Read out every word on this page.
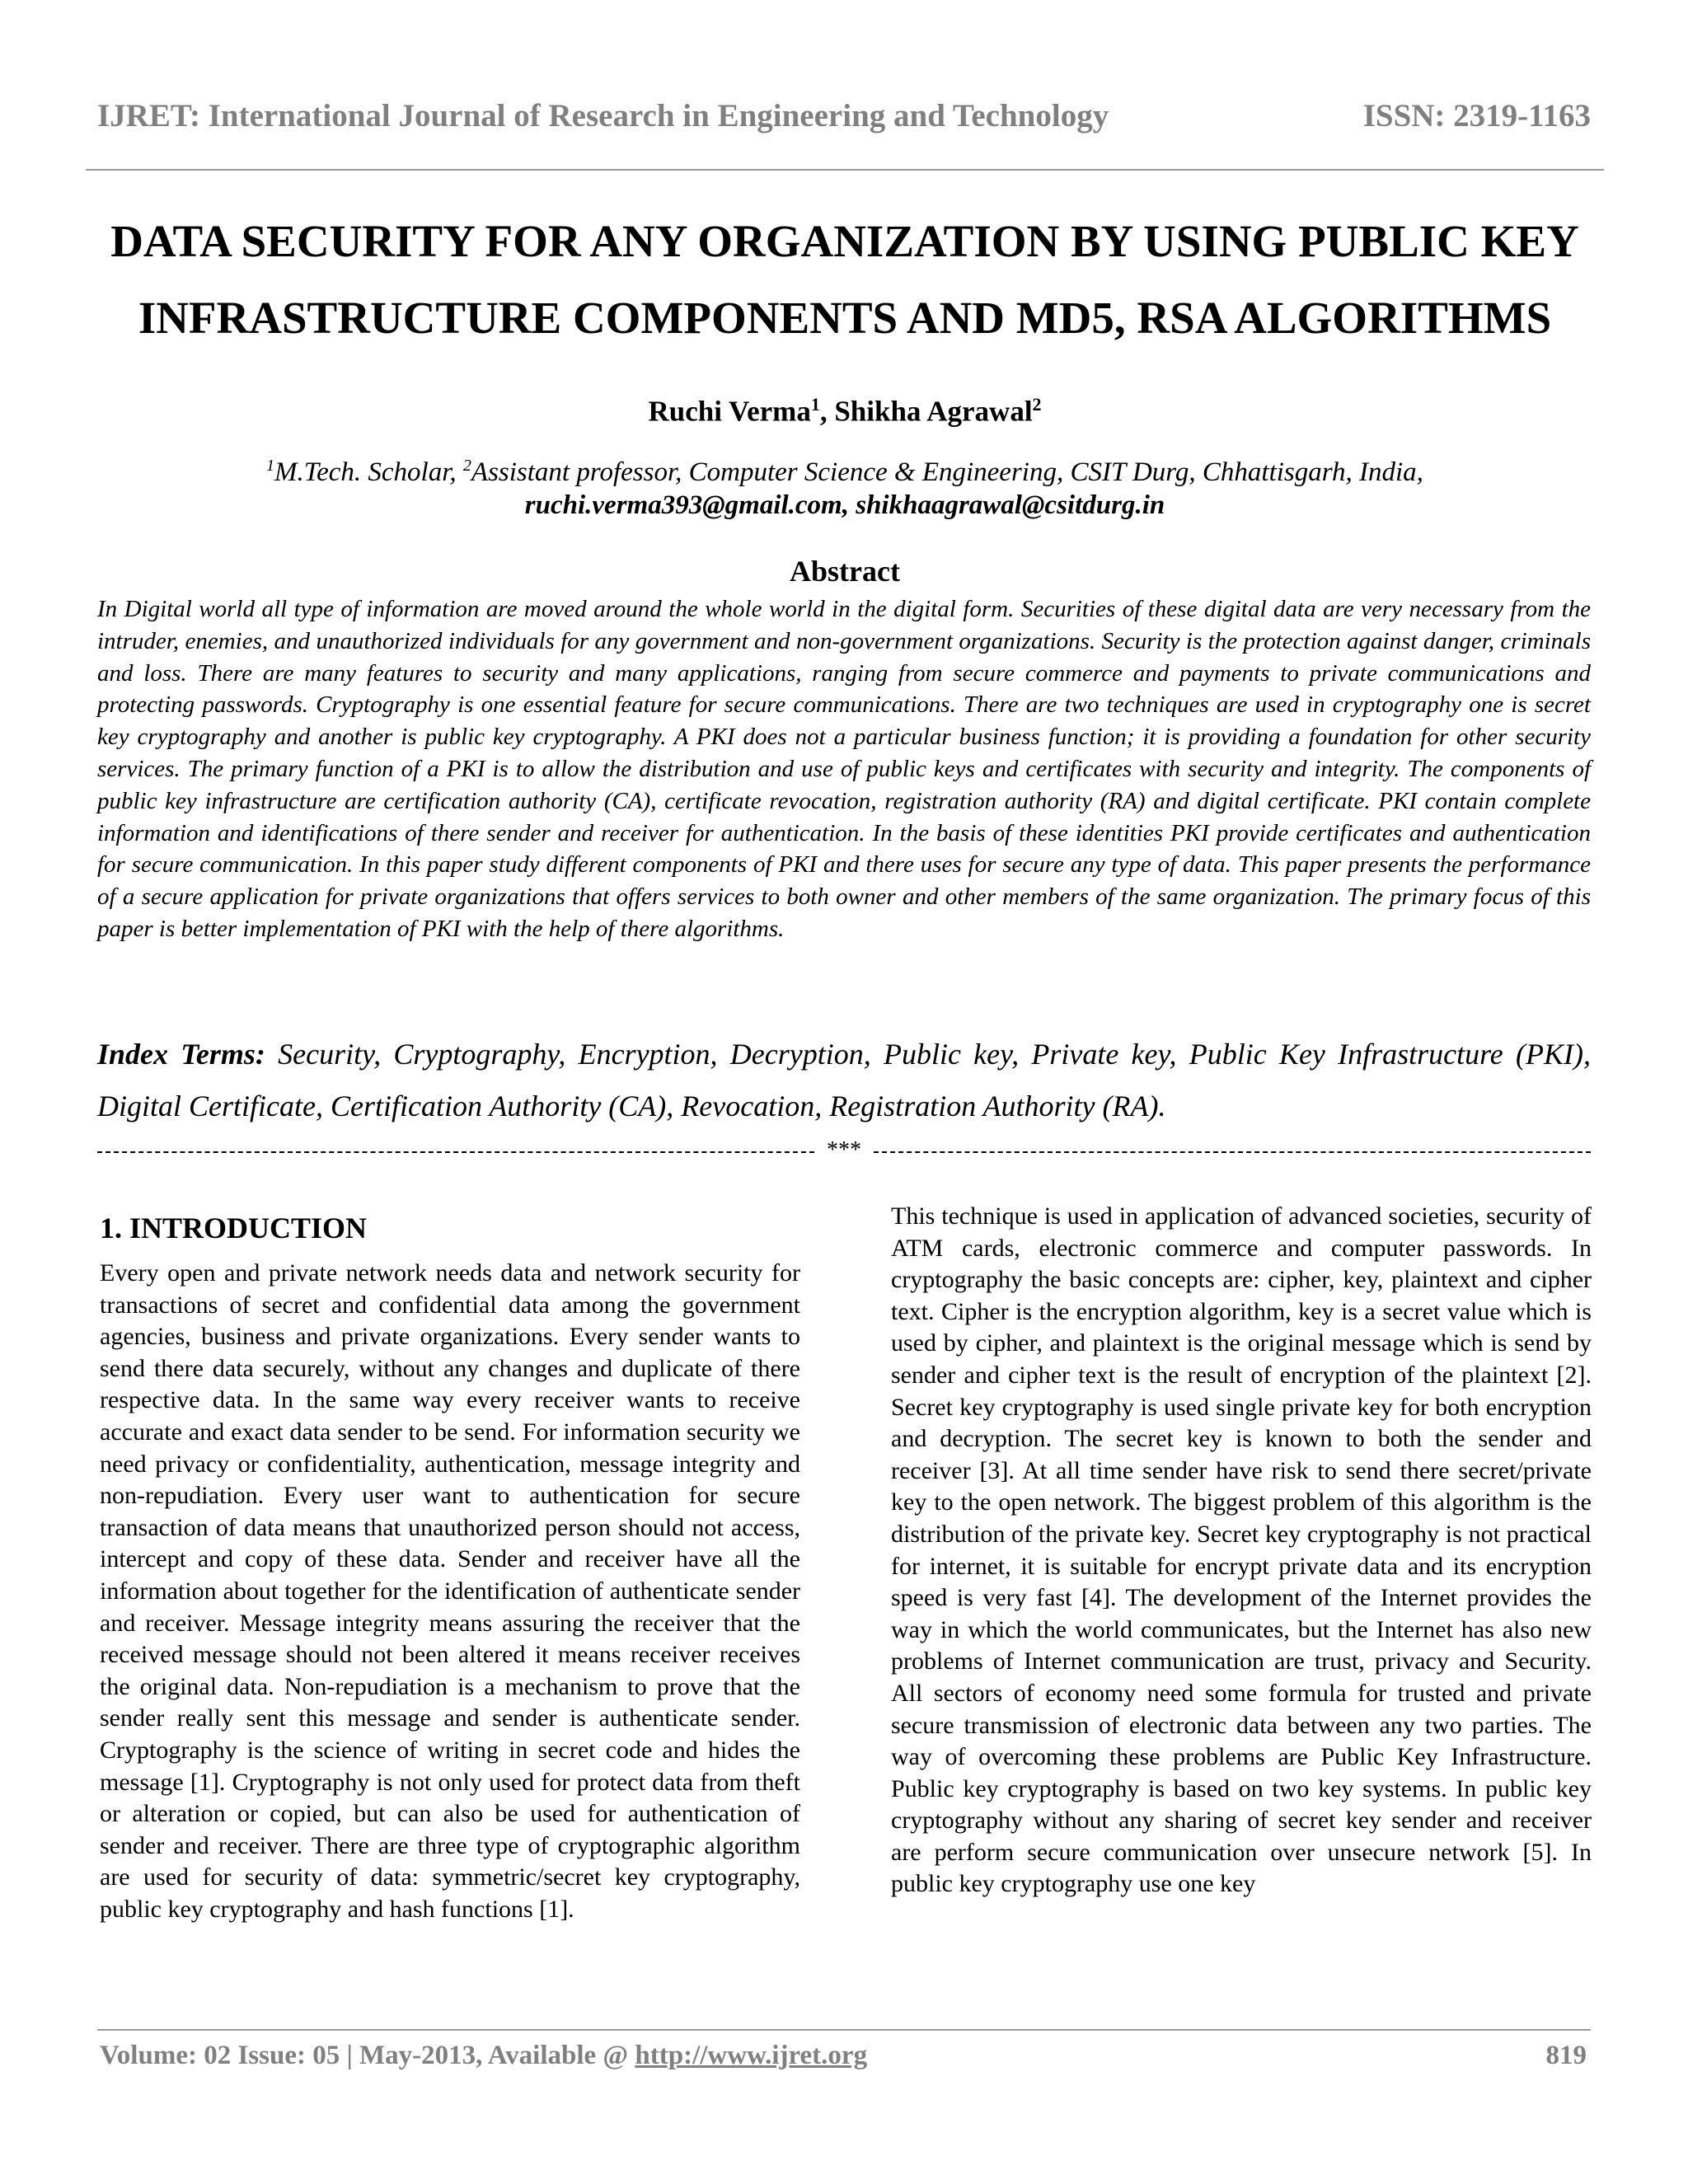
IJRET: International Journal of Research in Engineering and Technology	ISSN: 2319-1163
DATA SECURITY FOR ANY ORGANIZATION BY USING PUBLIC KEY
INFRASTRUCTURE COMPONENTS AND MD5, RSA ALGORITHMS
Ruchi Verma$^1$, Shikha Agrawal$^2$
$^1$M.Tech. Scholar, $^2$Assistant professor, Computer Science & Engineering, CSIT Durg, Chhattisgarh, India,
ruchi.verma393@gmail.com, shikhaagrawal@csitdurg.in
Abstract
In Digital world all type of information are moved around the whole world in the digital form. Securities of these digital data are very necessary from the intruder, enemies, and unauthorized individuals for any government and non-government organizations. Security is the protection against danger, criminals and loss. There are many features to security and many applications, ranging from secure commerce and payments to private communications and protecting passwords. Cryptography is one essential feature for secure communications. There are two techniques are used in cryptography one is secret key cryptography and another is public key cryptography. A PKI does not a particular business function; it is providing a foundation for other security services. The primary function of a PKI is to allow the distribution and use of public keys and certificates with security and integrity. The components of public key infrastructure are certification authority (CA), certificate revocation, registration authority (RA) and digital certificate. PKI contain complete information and identifications of there sender and receiver for authentication. In the basis of these identities PKI provide certificates and authentication for secure communication. In this paper study different components of PKI and there uses for secure any type of data. This paper presents the performance of a secure application for private organizations that offers services to both owner and other members of the same organization. The primary focus of this paper is better implementation of PKI with the help of there algorithms.
Index Terms: Security, Cryptography, Encryption, Decryption, Public key, Private key, Public Key Infrastructure (PKI), Digital Certificate, Certification Authority (CA), Revocation, Registration Authority (RA).
***
1. INTRODUCTION

Every open and private network needs data and network security for transactions of secret and confidential data among the government agencies, business and private organizations. Every sender wants to send there data securely, without any changes and duplicate of there respective data. In the same way every receiver wants to receive accurate and exact data sender to be send. For information security we need privacy or confidentiality, authentication, message integrity and non-repudiation. Every user want to authentication for secure transaction of data means that unauthorized person should not access, intercept and copy of these data. Sender and receiver have all the information about together for the identification of authenticate sender and receiver. Message integrity means assuring the receiver that the received message should not been altered it means receiver receives the original data. Non-repudiation is a mechanism to prove that the sender really sent this message and sender is authenticate sender. Cryptography is the science of writing in secret code and hides the message [1]. Cryptography is not only used for protect data from theft or alteration or copied, but can also be used for authentication of sender and receiver. There are three type of cryptographic algorithm are used for security of data: symmetric/secret key cryptography, public key cryptography and hash functions [1].

This technique is used in application of advanced societies, security of ATM cards, electronic commerce and computer passwords. In cryptography the basic concepts are: cipher, key, plaintext and cipher text. Cipher is the encryption algorithm, key is a secret value which is used by cipher, and plaintext is the original message which is send by sender and cipher text is the result of encryption of the plaintext [2]. Secret key cryptography is used single private key for both encryption and decryption. The secret key is known to both the sender and receiver [3]. At all time sender have risk to send there secret/private key to the open network. The biggest problem of this algorithm is the distribution of the private key. Secret key cryptography is not practical for internet, it is suitable for encrypt private data and its encryption speed is very fast [4]. The development of the Internet provides the way in which the world communicates, but the Internet has also new problems of Internet communication are trust, privacy and Security. All sectors of economy need some formula for trusted and private secure transmission of electronic data between any two parties. The way of overcoming these problems are Public Key Infrastructure. Public key cryptography is based on two key systems. In public key cryptography without any sharing of secret key sender and receiver are perform secure communication over unsecure network [5]. In public key cryptography use one key

Volume: 02 Issue: 05 | May-2013, Available @ http://www.ijret.org	819
